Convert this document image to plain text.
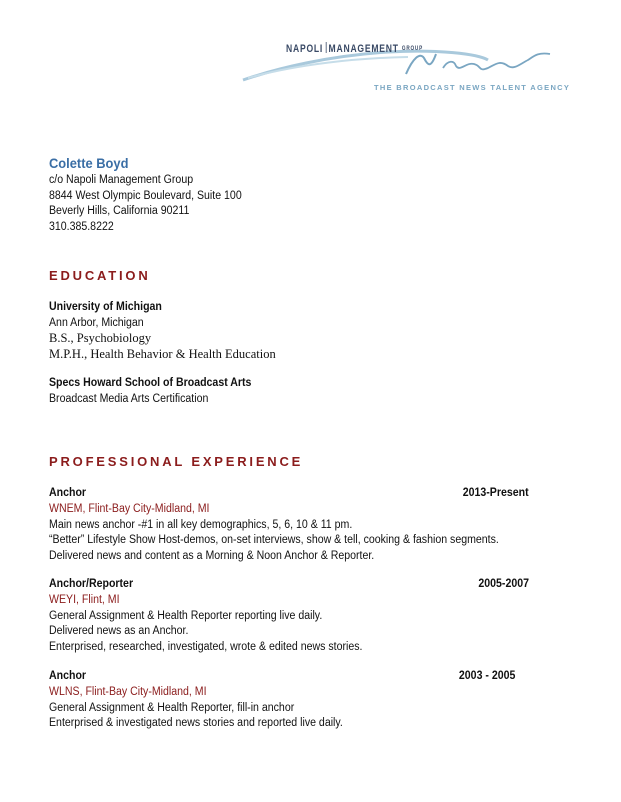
NAPOLI MANAGEMENT GROUP
THE BROADCAST NEWS TALENT AGENCY
Colette Boyd
c/o Napoli Management Group
8844 West Olympic Boulevard, Suite 100
Beverly Hills, California 90211
310.385.8222
EDUCATION
University of Michigan
Ann Arbor, Michigan
B.S., Psychobiology
M.P.H., Health Behavior & Health Education
Specs Howard School of Broadcast Arts
Broadcast Media Arts Certification
PROFESSIONAL EXPERIENCE
Anchor	2013-Present
WNEM, Flint-Bay City-Midland, MI
Main news anchor -#1 in all key demographics, 5, 6, 10 & 11 pm.
“Better” Lifestyle Show Host-demos, on-set interviews, show & tell, cooking & fashion segments.
Delivered news and content as a Morning & Noon Anchor & Reporter.
Anchor/Reporter	2005-2007
WEYI, Flint, MI
General Assignment & Health Reporter reporting live daily.
Delivered news as an Anchor.
Enterprised, researched, investigated, wrote & edited news stories.
Anchor	2003 - 2005
WLNS, Flint-Bay City-Midland, MI
General Assignment & Health Reporter, fill-in anchor
Enterprised & investigated news stories and reported live daily.
